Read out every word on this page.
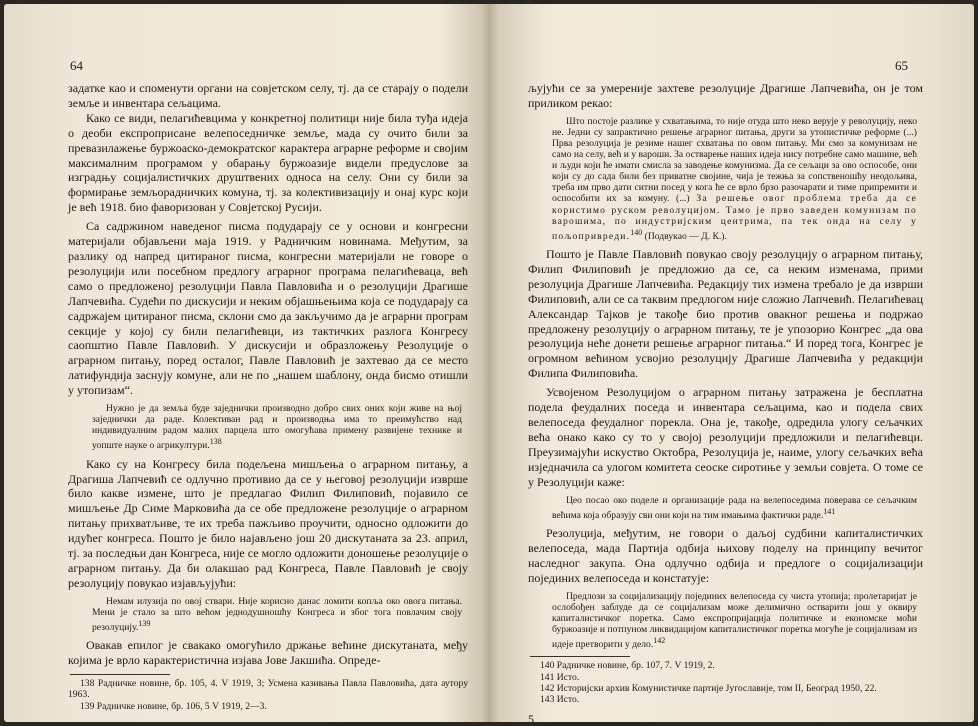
64

задатке као и споменути органи на совјетском селу, тј. да се старају о подели земље и инвентара сељацима.

Како се види, пелагићевцима у конкретној политици није била туђа идеја о деоби експроприсане велепоседничке земље, мада су очито били за превазилажење буржоаско-демократског карактера аграрне реформе и својим максималним програмом у обарању буржоазије видели предуслове за изградњу социјалистичких друштвених односа на селу. Они су били за формирање земљорадничких комуна, тј. за колективизацију и онај курс који је већ 1918. био фаворизован у Совјетској Русији.

Са садржином наведеног писма подударају се у основи и конгресни материјали објављени маја 1919. у Радничким новинама. Међутим, за разлику од напред цитираног писма, конгресни материјали не говоре о резолуцији или посебном предлогу аграрног програма пелагићеваца, већ само о предложеној резолуцији Павла Павловића и о резолуцији Драгише Лапчевића. Судећи по дискусији и неким објашњењима која се подударају са садржајем цитираног писма, склони смо да закључимо да је аграрни програм секције у којој су били пелагићевци, из тактичких разлога Конгресу саопштио Павле Павловић. У дискусији и образложењу Резолуције о аграрном питању, поред осталог, Павле Павловић је захтевао да се место латифундија заснују комуне, али не по „нашем шаблону, онда бисмо отишли у утопизам“.

Нужно је да земља буде заједнички производно добро свих оних који живе на њој заједнички да раде. Колективан рад и производња има то преимућство над индивидуалним радом малих парцела што омогућава примену развијене технике и уопште науке о агрикултури.$^{138}$

Како су на Конгресу била подељена мишљења о аграрном питању, а Драгиша Лапчевић се одлучно противио да се у његовој резолуцији изврше било какве измене, што је предлагао Филип Филиповић, појавило се мишљење Др Симе Марковића да се обе предложене резолуције о аграрном питању прихватљиве, те их треба пажљиво проучити, односно одложити до идућег конгреса. Пошто је било најављено још 20 дискутаната за 23. април, тј. за последњи дан Конгреса, није се могло одложити доношење резолуције о аграрном питању. Да би олакшао рад Конгреса, Павле Павловић је своју резолуцију повукао изјављујући:

Немам илузија по овој ствари. Није корисно данас ломити копља око овога питања. Мени је стало за што већом једнодушношћу Конгреса и због тога повлачим своју резолуцију.$^{139}$

Овакав епилог је свакако омогућило држање већине дискутаната, међу којима је врло карактеристична изјава Јове Јакшића. Опреде-

138 Радничке новине, бр. 105, 4. V 1919, 3; Усмена казивања Павла Павловића, дата аутору 1963.

139 Радничке новине, бр. 106, 5 V 1919, 2—3.

65

љујући се за умереније захтеве резолуције Драгише Лапчевића, он је том приликом рекао:

Што постоје разлике у схватањима, то није отуда што неко верује у револуцију, неко не. Једни су запрактично решење аграрног питања, други за утопистичке реформе (...) Прва резолуција је резиме нашег схватања по овом питању. Ми смо за комунизам не само на селу, већ и у вароши. За остварење наших идеја нису потребне само машине, већ и људи који ће имати смисла за заводење комунизма. Да се сељаци за ово оспособе, они који су до сада били без приватне својине, чија је тежња за сопственошћу неодољива, треба им прво дати ситни посед у кога ће се врло брзо разочарати и тиме припремити и оспособити их за комуну. (...) За решење овог проблема треба да се користимо руском револуцијом. Тамо је прво заведен комунизам по варошима, по индустријским центрима, па тек онда на селу у пољопривреди.$^{140}$ (Подвукао — Д. К.).

Пошто је Павле Павловић повукао своју резолуцију о аграрном питању, Филип Филиповић је предложио да се, са неким изменама, прими резолуција Драгише Лапчевића. Редакцију тих измена требало је да изврши Филиповић, али се са таквим предлогом није сложио Лапчевић. Пелагићевац Александар Тајков је такође био против овакног решења и подржао предложену резолуцију о аграрном питању, те је упозорио Конгрес „да ова резолуција неће донети решење аграрног питања.“ И поред тога, Конгрес је огромном већином усвојио резолуцију Драгише Лапчевића у редакцији Филипа Филиповића.

Усвојеном Резолуцијом о аграрном питању затражена је бесплатна подела феудалних поседа и инвентара сељацима, као и подела свих велепоседа феудалног порекла. Она је, такође, одредила улогу сељачких већа онако како су то у својој резолуцији предложили и пелагићевци. Преузимајући искуство Октобра, Резолуција је, наиме, улогу сељачких већа изједначила са улогом комитета сеоске сиротиње у земљи совјета. О томе се у Резолуцији каже:

Цео посао око поделе и организације рада на велепоседима поверава се сељачким већима која образују сви они који на тим имањима фактички раде.$^{141}$

Резолуција, међутим, не говори о даљој судбини капиталистичких велепоседа, мада Партија одбија њихову поделу на принципу вечитог наследног закупа. Она одлучно одбија и предлоге о социјализацији појединих велепоседа и констатује:

Предлози за социјализацију појединих велепоседа су чиста утопија; пролетаријат је ослобођен заблуде да се социјализам може делимично остварити још у оквиру капиталистичког поретка. Само експропријација политичке и економске моћи буржоазије и потпуном ликвидацијом капиталистичког поретка могуће је социјализам из идеје претворити у дело.$^{142}$

140 Радничке новине, бр. 107, 7. V 1919, 2.

141 Исто.

142 Историјски архив Комунистичке партије Југославије, том II, Београд 1950, 22.

143 Исто.

5
